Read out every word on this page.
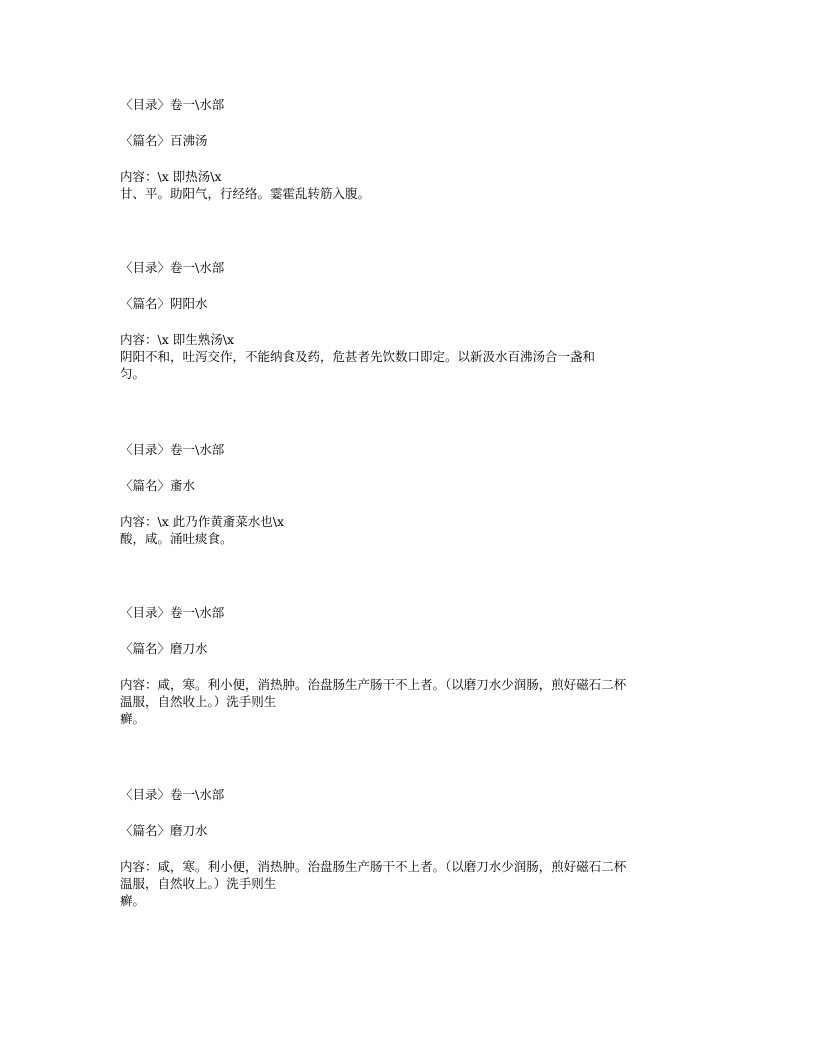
〈目录〉卷一\水部

〈篇名〉百沸汤

内容：\x 即热汤\x

甘、平。助阳气，行经络。霎霍乱转筋入腹。

〈目录〉卷一\水部

〈篇名〉阴阳水

内容：\x 即生熟汤\x

阴阳不和，吐泻交作，不能纳食及药，危甚者先饮数口即定。以新汲水百沸汤合一盏和

匀。

〈目录〉卷一\水部

〈篇名〉齑水

内容：\x 此乃作黄齑菜水也\x

酸，咸。涌吐痰食。

〈目录〉卷一\水部

〈篇名〉磨刀水

内容：咸，寒。利小便，消热肿。治盘肠生产肠干不上者。（以磨刀水少润肠，煎好磁石二杯

温服，自然收上。）洗手则生

癣。

〈目录〉卷一\水部

〈篇名〉磨刀水

内容：咸，寒。利小便，消热肿。治盘肠生产肠干不上者。（以磨刀水少润肠，煎好磁石二杯

温服，自然收上。）洗手则生

癣。
